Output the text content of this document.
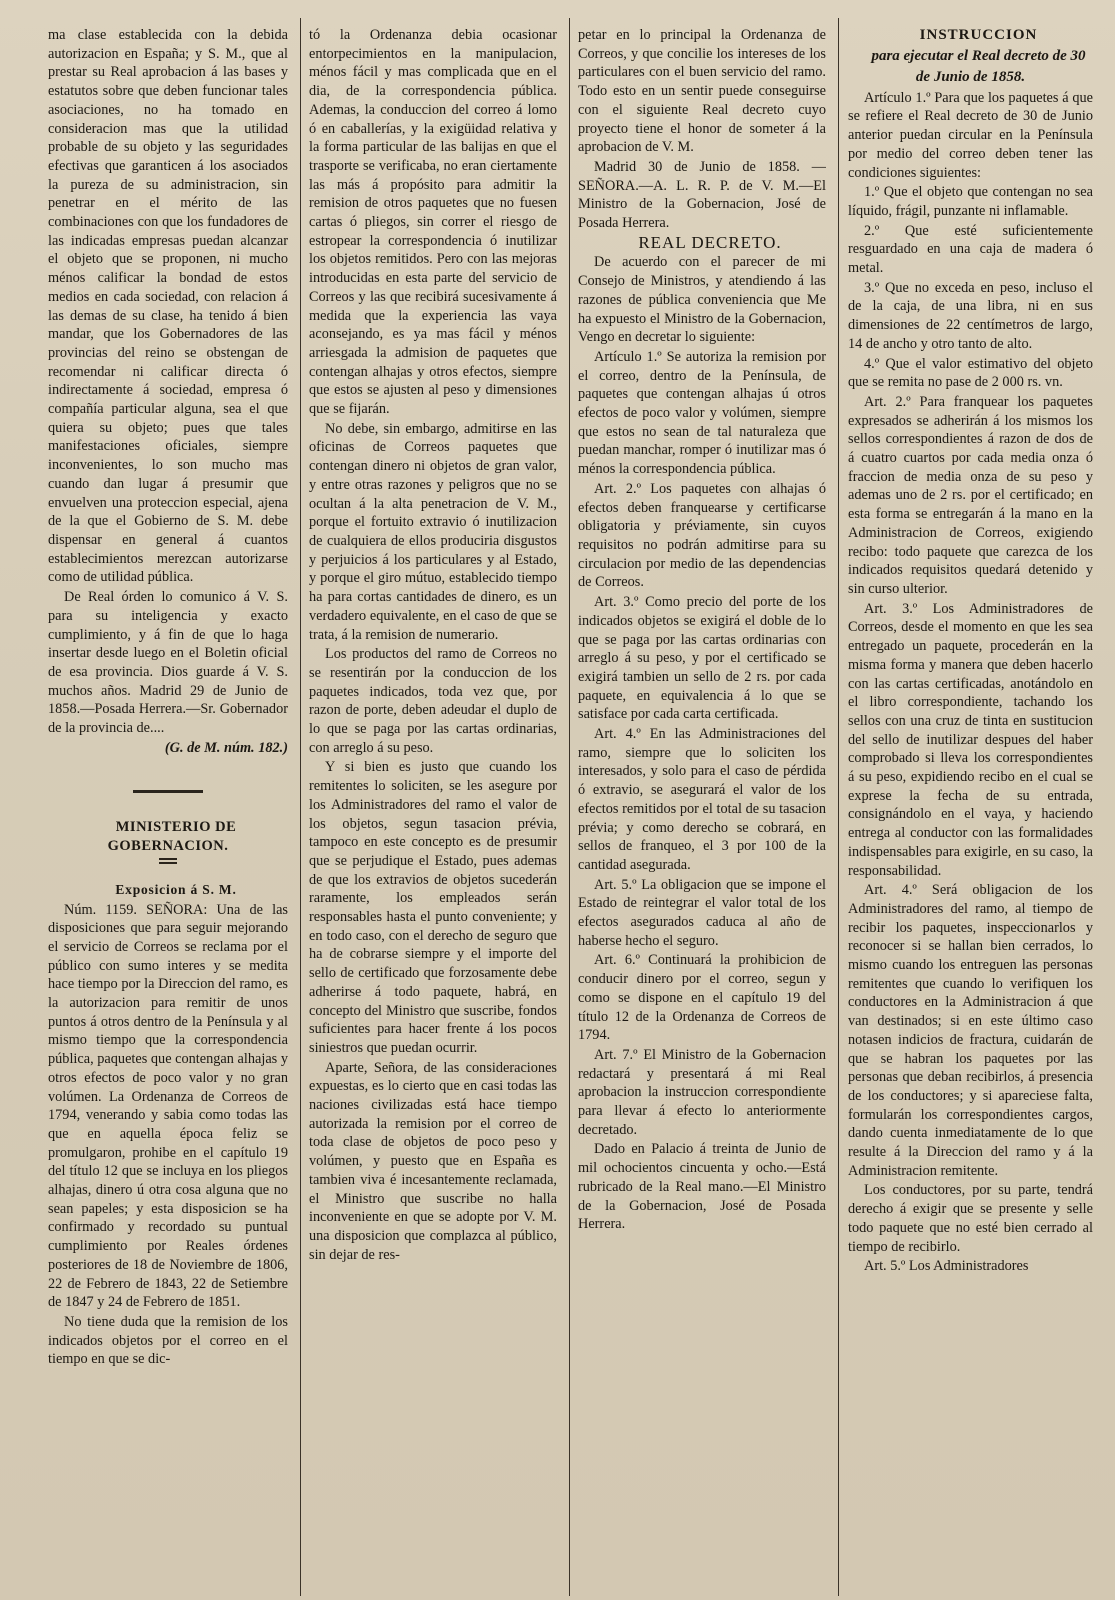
ma clase establecida con la debida autorizacion en España; y S. M., que al prestar su Real aprobacion á las bases y estatutos sobre que deben funcionar tales asociaciones, no ha tomado en consideracion mas que la utilidad probable de su objeto y las seguridades efectivas que garanticen á los asociados la pureza de su administracion, sin penetrar en el mérito de las combinaciones con que los fundadores de las indicadas empresas puedan alcanzar el objeto que se proponen, ni mucho ménos calificar la bondad de estos medios en cada sociedad, con relacion á las demas de su clase, ha tenido á bien mandar, que los Gobernadores de las provincias del reino se obstengan de recomendar ni calificar directa ó indirectamente á sociedad, empresa ó compañía particular alguna, sea el que quiera su objeto; pues que tales manifestaciones oficiales, siempre inconvenientes, lo son mucho mas cuando dan lugar á presumir que envuelven una proteccion especial, ajena de la que el Gobierno de S. M. debe dispensar en general á cuantos establecimientos merezcan autorizarse como de utilidad pública.

De Real órden lo comunico á V. S. para su inteligencia y exacto cumplimiento, y á fin de que lo haga insertar desde luego en el Boletin oficial de esa provincia. Dios guarde á V. S. muchos años. Madrid 29 de Junio de 1858.—Posada Herrera.—Sr. Gobernador de la provincia de....

(G. de M. núm. 182.)

MINISTERIO DE GOBERNACION.

Exposicion á S. M.

Núm. 1159. SEÑORA: Una de las disposiciones que para seguir mejorando el servicio de Correos se reclama por el público con sumo interes y se medita hace tiempo por la Direccion del ramo, es la autorizacion para remitir de unos puntos á otros dentro de la Península y al mismo tiempo que la correspondencia pública, paquetes que contengan alhajas y otros efectos de poco valor y no gran volúmen. La Ordenanza de Correos de 1794, venerando y sabia como todas las que en aquella época feliz se promulgaron, prohibe en el capítulo 19 del título 12 que se incluya en los pliegos alhajas, dinero ú otra cosa alguna que no sean papeles; y esta disposicion se ha confirmado y recordado su puntual cumplimiento por Reales órdenes posteriores de 18 de Noviembre de 1806, 22 de Febrero de 1843, 22 de Setiembre de 1847 y 24 de Febrero de 1851.

No tiene duda que la remision de los indicados objetos por el correo en el tiempo en que se dic-

tó la Ordenanza debia ocasionar entorpecimientos en la manipulacion, ménos fácil y mas complicada que en el dia, de la correspondencia pública. Ademas, la conduccion del correo á lomo ó en caballerías, y la exigüidad relativa y la forma particular de las balijas en que el trasporte se verificaba, no eran ciertamente las más á propósito para admitir la remision de otros paquetes que no fuesen cartas ó pliegos, sin correr el riesgo de estropear la correspondencia ó inutilizar los objetos remitidos. Pero con las mejoras introducidas en esta parte del servicio de Correos y las que recibirá sucesivamente á medida que la experiencia las vaya aconsejando, es ya mas fácil y ménos arriesgada la admision de paquetes que contengan alhajas y otros efectos, siempre que estos se ajusten al peso y dimensiones que se fijarán.

No debe, sin embargo, admitirse en las oficinas de Correos paquetes que contengan dinero ni objetos de gran valor, y entre otras razones y peligros que no se ocultan á la alta penetracion de V. M., porque el fortuito extravio ó inutilizacion de cualquiera de ellos produciria disgustos y perjuicios á los particulares y al Estado, y porque el giro mútuo, establecido tiempo ha para cortas cantidades de dinero, es un verdadero equivalente, en el caso de que se trata, á la remision de numerario.

Los productos del ramo de Correos no se resentirán por la conduccion de los paquetes indicados, toda vez que, por razon de porte, deben adeudar el duplo de lo que se paga por las cartas ordinarias, con arreglo á su peso.

Y si bien es justo que cuando los remitentes lo soliciten, se les asegure por los Administradores del ramo el valor de los objetos, segun tasacion prévia, tampoco en este concepto es de presumir que se perjudique el Estado, pues ademas de que los extravios de objetos sucederán raramente, los empleados serán responsables hasta el punto conveniente; y en todo caso, con el derecho de seguro que ha de cobrarse siempre y el importe del sello de certificado que forzosamente debe adherirse á todo paquete, habrá, en concepto del Ministro que suscribe, fondos suficientes para hacer frente á los pocos siniestros que puedan ocurrir.

Aparte, Señora, de las consideraciones expuestas, es lo cierto que en casi todas las naciones civilizadas está hace tiempo autorizada la remision por el correo de toda clase de objetos de poco peso y volúmen, y puesto que en España es tambien viva é incesantemente reclamada, el Ministro que suscribe no halla inconveniente en que se adopte por V. M. una disposicion que complazca al público, sin dejar de res-

petar en lo principal la Ordenanza de Correos, y que concilie los intereses de los particulares con el buen servicio del ramo. Todo esto en un sentir puede conseguirse con el siguiente Real decreto cuyo proyecto tiene el honor de someter á la aprobacion de V. M.

Madrid 30 de Junio de 1858. —SEÑORA.—A. L. R. P. de V. M.—El Ministro de la Gobernacion, José de Posada Herrera.

REAL DECRETO.

De acuerdo con el parecer de mi Consejo de Ministros, y atendiendo á las razones de pública conveniencia que Me ha expuesto el Ministro de la Gobernacion, Vengo en decretar lo siguiente:

Artículo 1.º Se autoriza la remision por el correo, dentro de la Península, de paquetes que contengan alhajas ú otros efectos de poco valor y volúmen, siempre que estos no sean de tal naturaleza que puedan manchar, romper ó inutilizar mas ó ménos la correspondencia pública.

Art. 2.º Los paquetes con alhajas ó efectos deben franquearse y certificarse obligatoria y préviamente, sin cuyos requisitos no podrán admitirse para su circulacion por medio de las dependencias de Correos.

Art. 3.º Como precio del porte de los indicados objetos se exigirá el doble de lo que se paga por las cartas ordinarias con arreglo á su peso, y por el certificado se exigirá tambien un sello de 2 rs. por cada paquete, en equivalencia á lo que se satisface por cada carta certificada.

Art. 4.º En las Administraciones del ramo, siempre que lo soliciten los interesados, y solo para el caso de pérdida ó extravio, se asegurará el valor de los efectos remitidos por el total de su tasacion prévia; y como derecho se cobrará, en sellos de franqueo, el 3 por 100 de la cantidad asegurada.

Art. 5.º La obligacion que se impone el Estado de reintegrar el valor total de los efectos asegurados caduca al año de haberse hecho el seguro.

Art. 6.º Continuará la prohibicion de conducir dinero por el correo, segun y como se dispone en el capítulo 19 del título 12 de la Ordenanza de Correos de 1794.

Art. 7.º El Ministro de la Gobernacion redactará y presentará á mi Real aprobacion la instruccion correspondiente para llevar á efecto lo anteriormente decretado.

Dado en Palacio á treinta de Junio de mil ochocientos cincuenta y ocho.—Está rubricado de la Real mano.—El Ministro de la Gobernacion, José de Posada Herrera.

INSTRUCCION

para ejecutar el Real decreto de 30 de Junio de 1858.

Artículo 1.º Para que los paquetes á que se refiere el Real decreto de 30 de Junio anterior puedan circular en la Península por medio del correo deben tener las condiciones siguientes:

1.º Que el objeto que contengan no sea líquido, frágil, punzante ni inflamable.

2.º Que esté suficientemente resguardado en una caja de madera ó metal.

3.º Que no exceda en peso, incluso el de la caja, de una libra, ni en sus dimensiones de 22 centímetros de largo, 14 de ancho y otro tanto de alto.

4.º Que el valor estimativo del objeto que se remita no pase de 2 000 rs. vn.

Art. 2.º Para franquear los paquetes expresados se adherirán á los mismos los sellos correspondientes á razon de dos de á cuatro cuartos por cada media onza ó fraccion de media onza de su peso y ademas uno de 2 rs. por el certificado; en esta forma se entregarán á la mano en la Administracion de Correos, exigiendo recibo: todo paquete que carezca de los indicados requisitos quedará detenido y sin curso ulterior.

Art. 3.º Los Administradores de Correos, desde el momento en que les sea entregado un paquete, procederán en la misma forma y manera que deben hacerlo con las cartas certificadas, anotándolo en el libro correspondiente, tachando los sellos con una cruz de tinta en sustitucion del sello de inutilizar despues del haber comprobado si lleva los correspondientes á su peso, expidiendo recibo en el cual se exprese la fecha de su entrada, consignándolo en el vaya, y haciendo entrega al conductor con las formalidades indispensables para exigirle, en su caso, la responsabilidad.

Art. 4.º Será obligacion de los Administradores del ramo, al tiempo de recibir los paquetes, inspeccionarlos y reconocer si se hallan bien cerrados, lo mismo cuando los entreguen las personas remitentes que cuando lo verifiquen los conductores en la Administracion á que van destinados; si en este último caso notasen indicios de fractura, cuidarán de que se habran los paquetes por las personas que deban recibirlos, á presencia de los conductores; y si apareciese falta, formularán los correspondientes cargos, dando cuenta inmediatamente de lo que resulte á la Direccion del ramo y á la Administracion remitente.

Los conductores, por su parte, tendrá derecho á exigir que se presente y selle todo paquete que no esté bien cerrado al tiempo de recibirlo.

Art. 5.º Los Administradores
